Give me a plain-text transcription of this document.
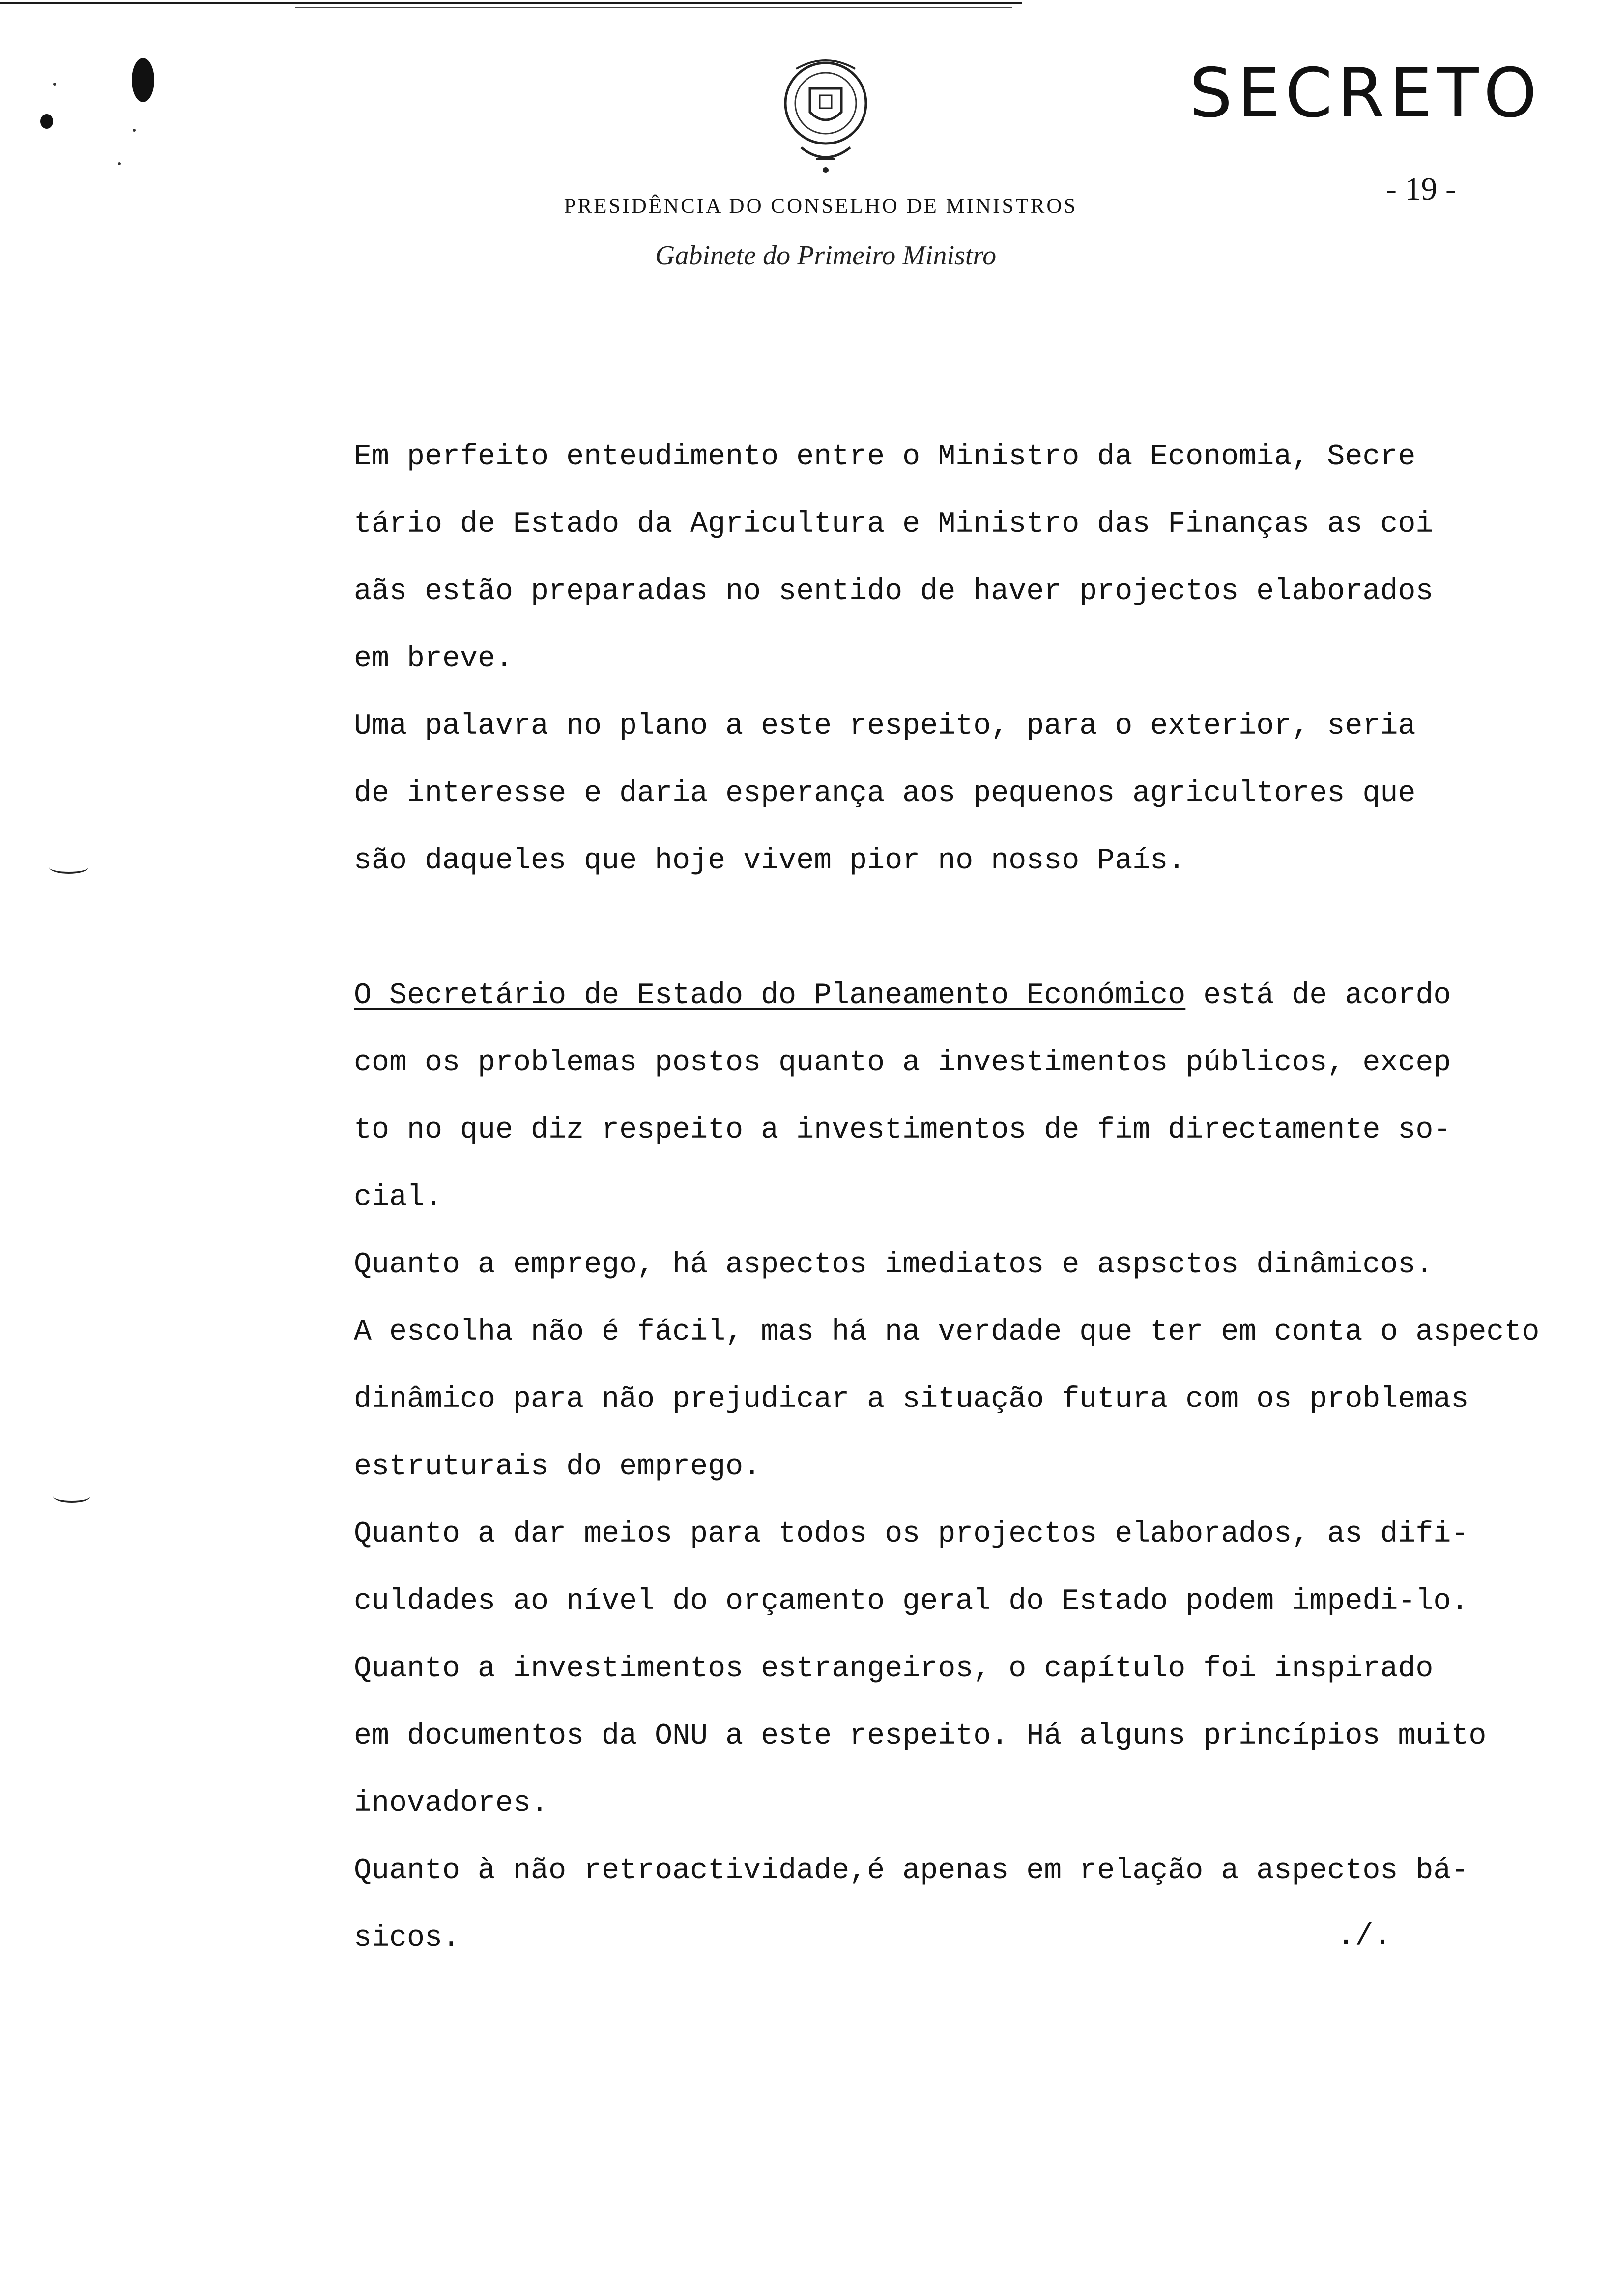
SECRETO
- 19 -
PRESIDÊNCIA DO CONSELHO DE MINISTROS
Gabinete do Primeiro Ministro
Em perfeito enteudimento entre o Ministro da Economia, Secre
tário de Estado da Agricultura e Ministro das Finanças as coi
aãs estão preparadas no sentido de haver projectos elaborados
em breve.
Uma palavra no plano a este respeito, para o exterior, seria
de interesse e daria esperança aos pequenos agricultores que
são daqueles que hoje vivem pior no nosso País.
O Secretário de Estado do Planeamento Económico está de acordo
com os problemas postos quanto a investimentos públicos, excep
to no que diz respeito a investimentos de fim directamente so-
cial.
Quanto a emprego, há aspectos imediatos e aspsctos dinâmicos.
A escolha não é fácil, mas há na verdade que ter em conta o aspecto
dinâmico para não prejudicar a situação futura com os problemas
estruturais do emprego.
Quanto a dar meios para todos os projectos elaborados, as difi-
culdades ao nível do orçamento geral do Estado podem impedi-lo.
Quanto a investimentos estrangeiros, o capítulo foi inspirado
em documentos da ONU a este respeito. Há alguns princípios muito
inovadores.
Quanto à não retroactividade,é apenas em relação a aspectos bá-
sicos.	./.
